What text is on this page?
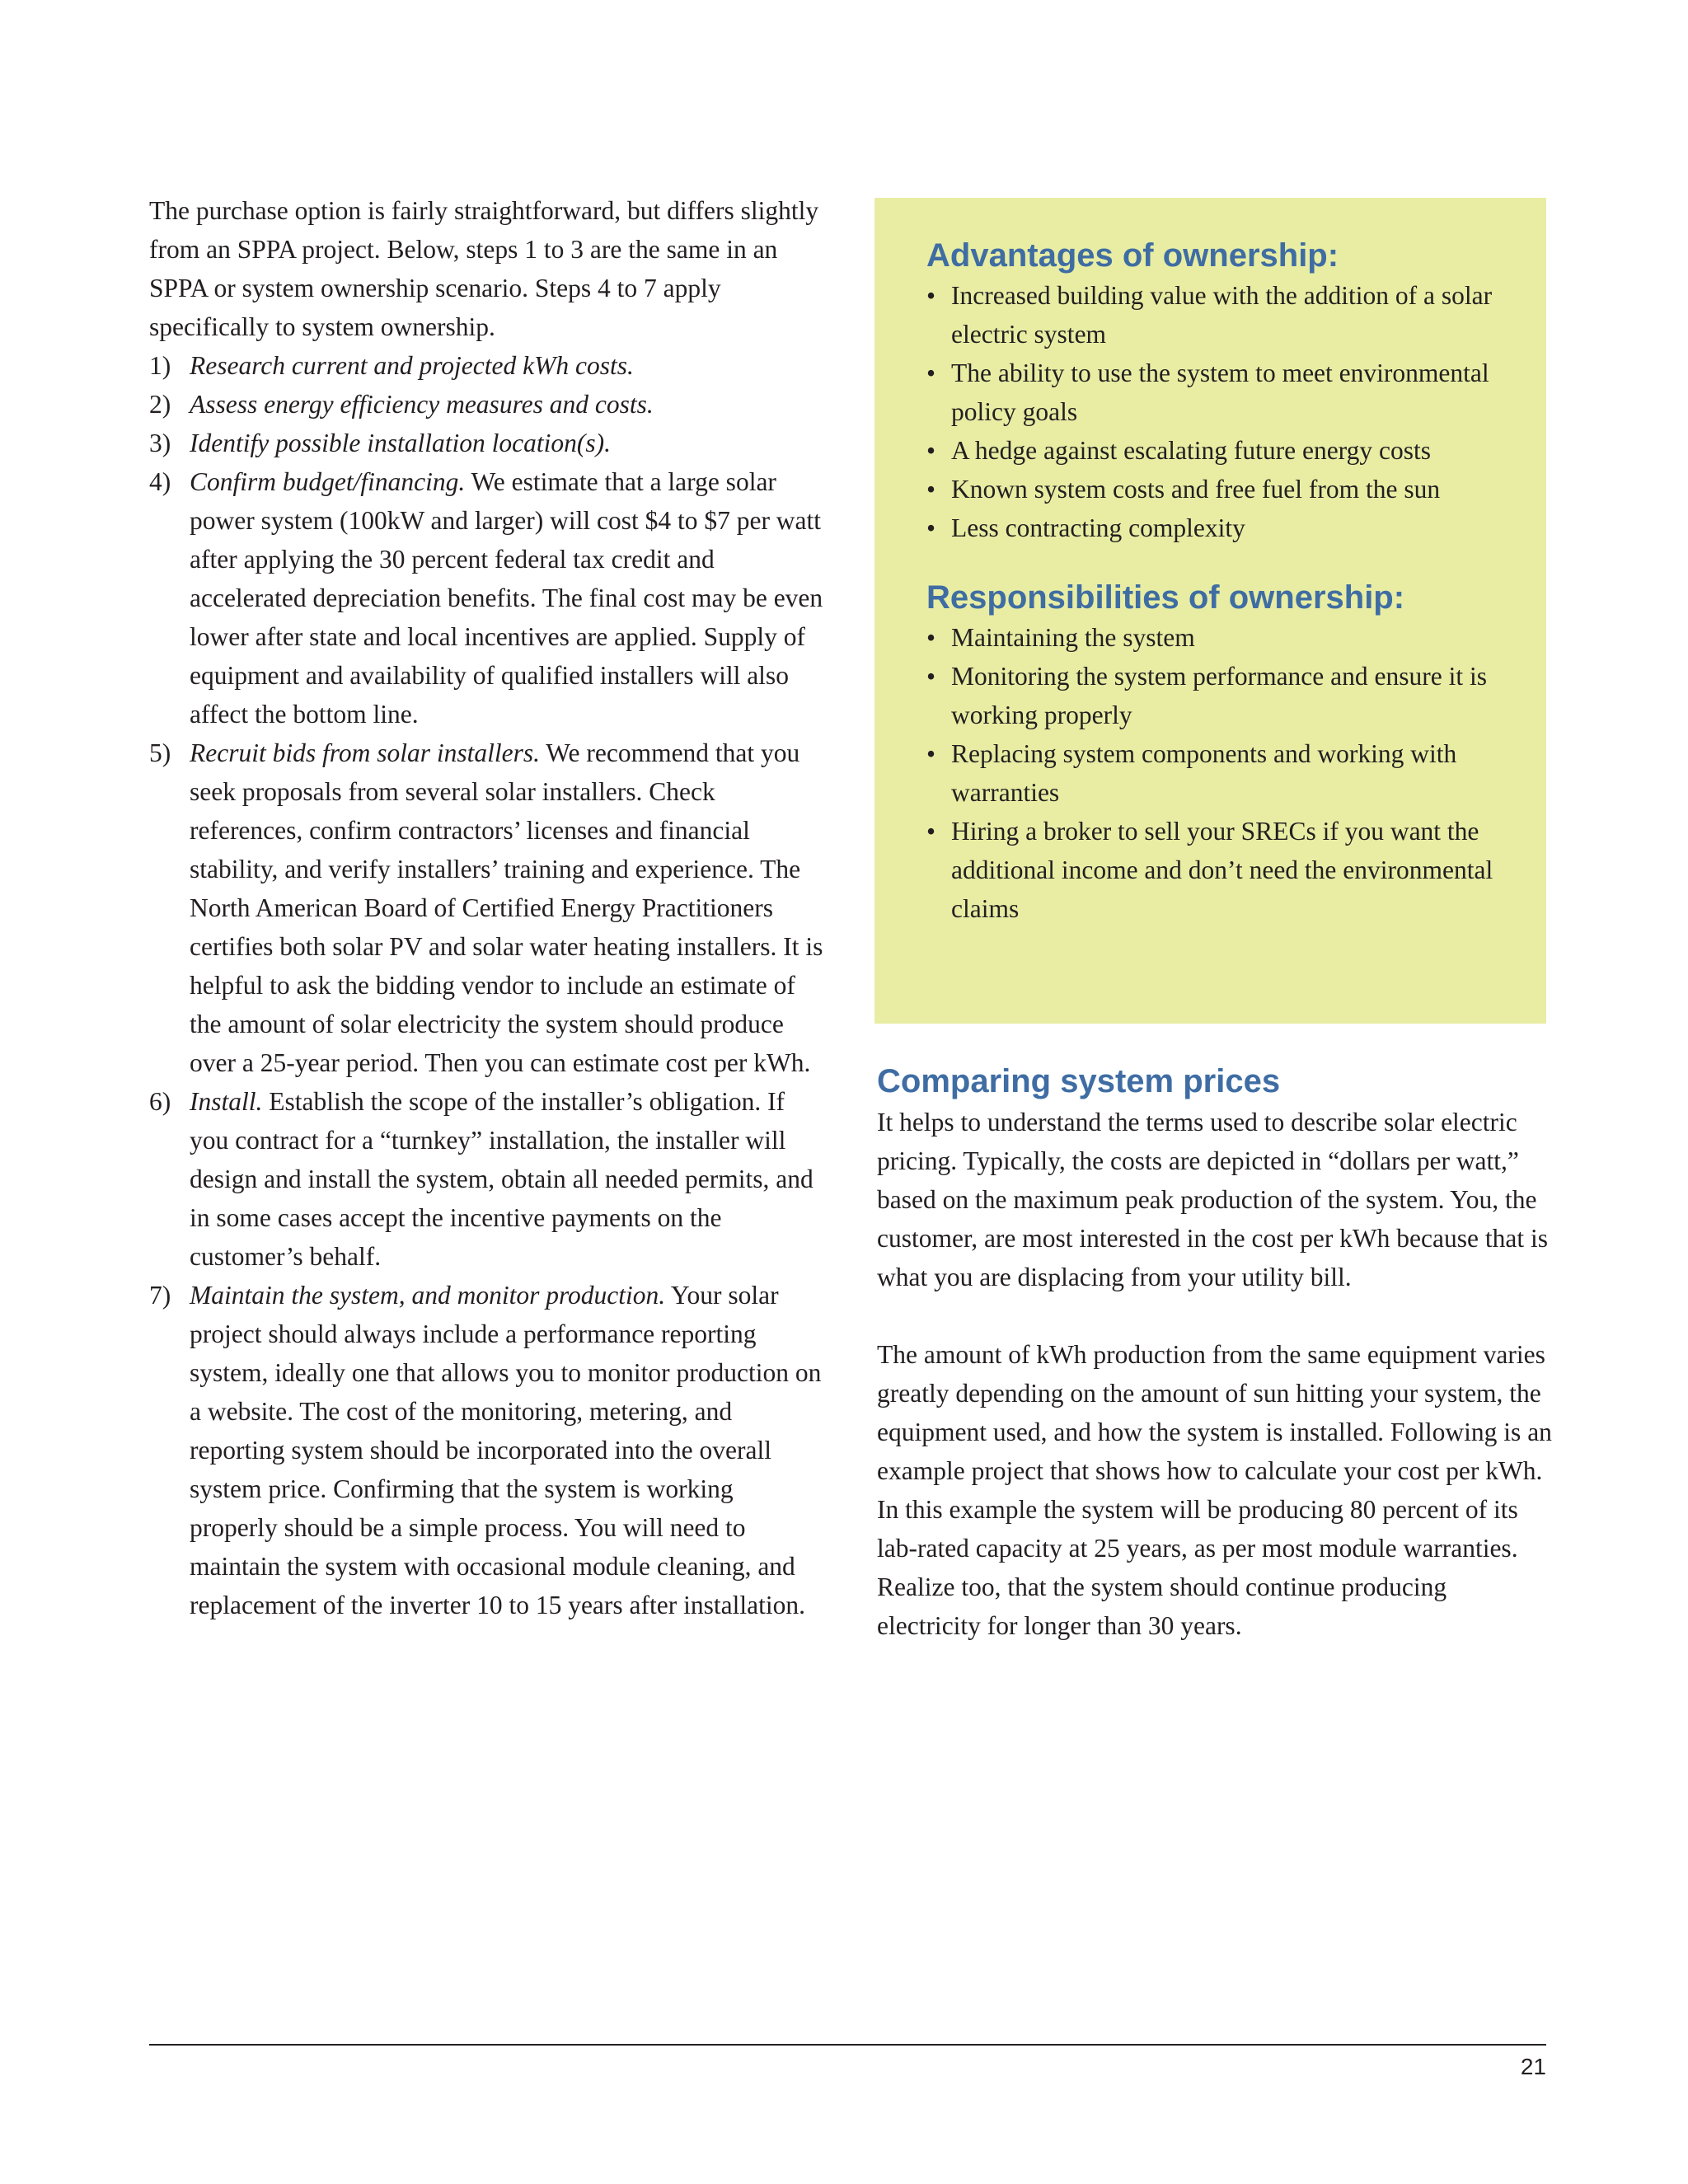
The purchase option is fairly straightforward, but differs slightly from an SPPA project. Below, steps 1 to 3 are the same in an SPPA or system ownership scenario. Steps 4 to 7 apply specifically to system ownership.

1) Research current and projected kWh costs.
2) Assess energy efficiency measures and costs.
3) Identify possible installation location(s).
4) Confirm budget/financing. We estimate that a large solar power system (100kW and larger) will cost $4 to $7 per watt after applying the 30 percent federal tax credit and accelerated depreciation benefits. The final cost may be even lower after state and local incentives are applied. Supply of equipment and availability of qualified installers will also affect the bottom line.
5) Recruit bids from solar installers. We recommend that you seek proposals from several solar installers. Check references, confirm contractors’ licenses and financial stability, and verify installers’ training and experience. The North American Board of Certified Energy Practitioners certifies both solar PV and solar water heating installers. It is helpful to ask the bidding vendor to include an estimate of the amount of solar electricity the system should produce over a 25-year period. Then you can estimate cost per kWh.
6) Install. Establish the scope of the installer’s obligation. If you contract for a “turnkey” installation, the installer will design and install the system, obtain all needed permits, and in some cases accept the incentive payments on the customer’s behalf.
7) Maintain the system, and monitor production. Your solar project should always include a performance reporting system, ideally one that allows you to monitor production on a website. The cost of the monitoring, metering, and reporting system should be incorporated into the overall system price. Confirming that the system is working properly should be a simple process. You will need to maintain the system with occasional module cleaning, and replacement of the inverter 10 to 15 years after installation.
Advantages of ownership:
• Increased building value with the addition of a solar electric system
• The ability to use the system to meet environmental policy goals
• A hedge against escalating future energy costs
• Known system costs and free fuel from the sun
• Less contracting complexity
Responsibilities of ownership:
• Maintaining the system
• Monitoring the system performance and ensure it is working properly
• Replacing system components and working with warranties
• Hiring a broker to sell your SRECs if you want the additional income and don’t need the environmental claims
Comparing system prices

It helps to understand the terms used to describe solar electric pricing. Typically, the costs are depicted in “dollars per watt,” based on the maximum peak production of the system. You, the customer, are most interested in the cost per kWh because that is what you are displacing from your utility bill.

The amount of kWh production from the same equipment varies greatly depending on the amount of sun hitting your system, the equipment used, and how the system is installed. Following is an example project that shows how to calculate your cost per kWh. In this example the system will be producing 80 percent of its lab-rated capacity at 25 years, as per most module warranties. Realize too, that the system should continue producing electricity for longer than 30 years.

21
